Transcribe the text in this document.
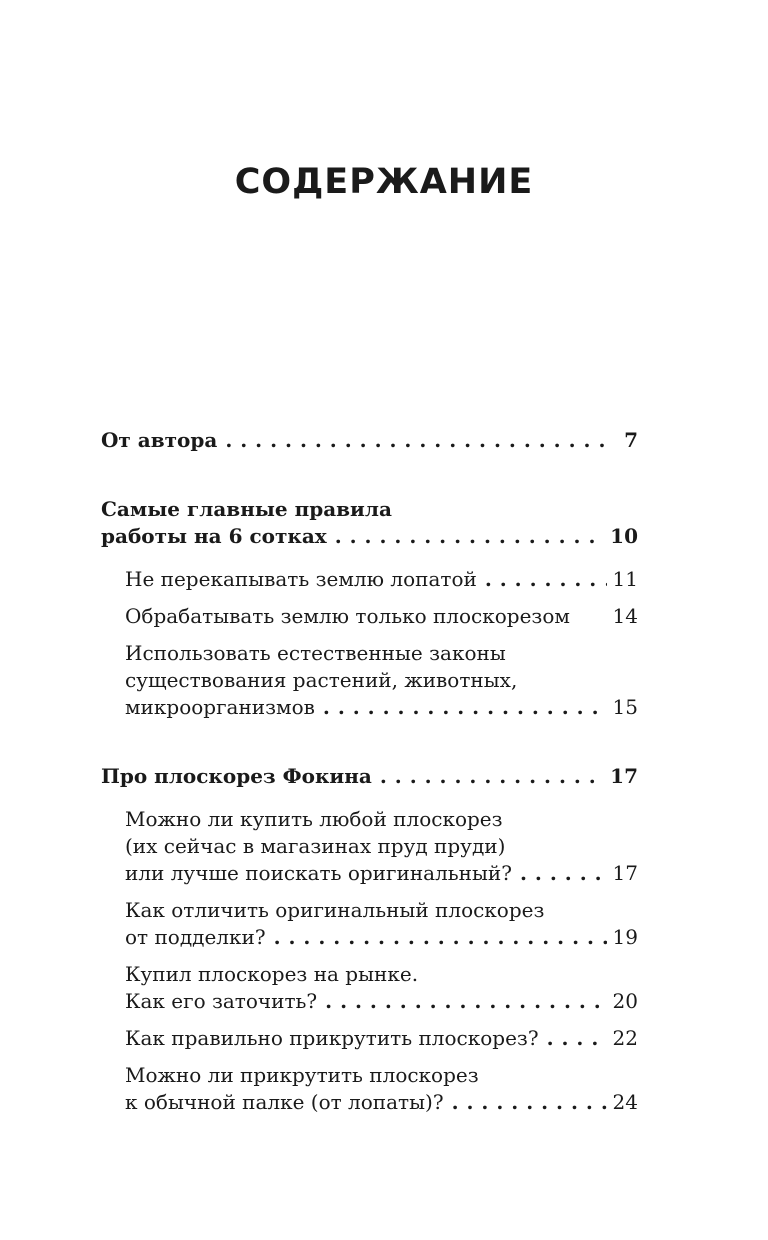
СОДЕРЖАНИЕ
От автора . . .	7
Самые главные правила
работы на 6 сотках . . .	10
Не перекапывать землю лопатой . . .	11
Обрабатывать землю только плоскорезом 14
Использовать естественные законы
существования растений, животных,
микроорганизмов . . .	15
Про плоскорез Фокина . . .	17
Можно ли купить любой плоскорез
(их сейчас в магазинах пруд пруди)
или лучше поискать оригинальный? . . .	17
Как отличить оригинальный плоскорез
от подделки? . . .	19
Купил плоскорез на рынке.
Как его заточить? . . .	20
Как правильно прикрутить плоскорез? . . .	22
Можно ли прикрутить плоскорез
к обычной палке (от лопаты)? . . .	24
